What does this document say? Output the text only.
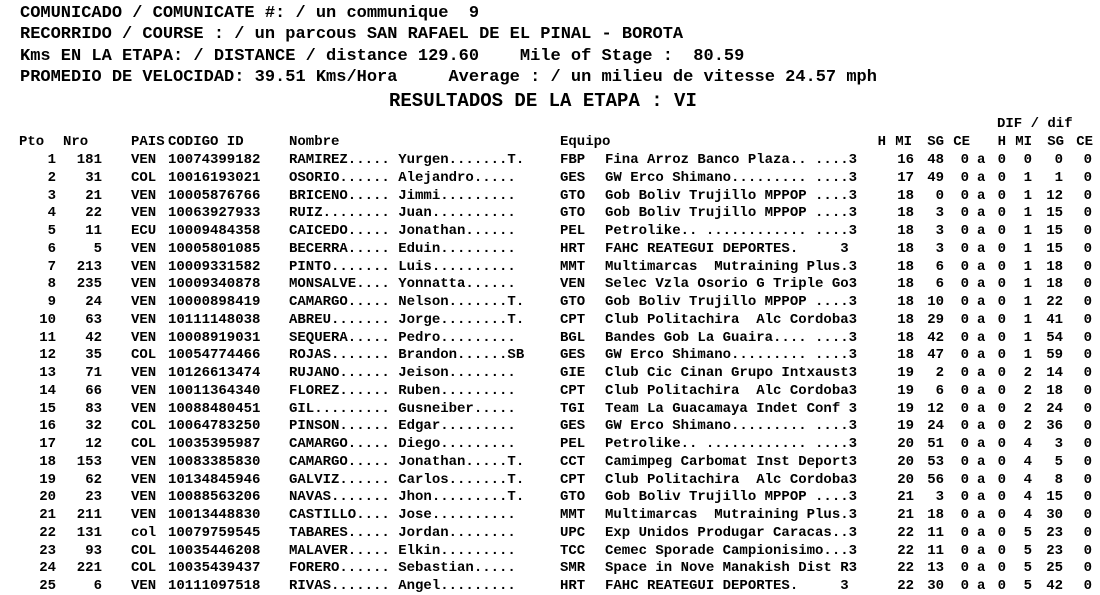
COMUNICADO / COMUNICATE #: / un communique  9
RECORRIDO / COURSE : / un parcous SAN RAFAEL DE EL PINAL - BOROTA
Kms EN LA ETAPA: / DISTANCE / distance 129.60    Mile of Stage :  80.59
PROMEDIO DE VELOCIDAD: 39.51 Kms/Hora     Average : / un milieu de vitesse 24.57 mph
RESULTADOS DE LA ETAPA : VI
DIF / dif
Pto Nro	PAIS CODIGO ID	Nombre	Equipo	H MI SG CE H MI SG CE
1 181 VEN 10074399182 RAMIREZ..... Yurgen.......T.	FBP Fina Arroz Banco Plaza.. ....3	16 48 0 a 0 0 0 0
2 31 COL 10016193021 OSORIO...... Alejandro.....	GES GW Erco Shimano......... ....3	17 49 0 a 0 1 1 0
3 21 VEN 10005876766 BRICENO..... Jimmi.........	GTO Gob Boliv Trujillo MPPOP ....3	18 0 0 a 0 1 12 0
4 22 VEN 10063927933 RUIZ........ Juan..........	GTO Gob Boliv Trujillo MPPOP ....3	18 3 0 a 0 1 15 0
5 11 ECU 10009484358 CAICEDO..... Jonathan......	PEL Petrolike.. ............ ....3	18 3 0 a 0 1 15 0
6	5 VEN 10005801085 BECERRA..... Eduin.........	HRT FAHC REATEGUI DEPORTES.     3	18 3 0 a 0 1 15 0
7 213 VEN 10009331582 PINTO....... Luis..........	MMT Multimarcas  Mutraining Plus.3	18 6 0 a 0 1 18 0
8 235 VEN 10009340878 MONSALVE.... Yonnatta......	VEN Selec Vzla Osorio G Triple Go3	18 6 0 a 0 1 18 0
9 24 VEN 10000898419 CAMARGO..... Nelson.......T.	GTO Gob Boliv Trujillo MPPOP ....3	18 10 0 a 0 1 22 0
10 63 VEN 10111148038 ABREU....... Jorge........T.	CPT Club Politachira  Alc Cordoba3	18 29 0 a 0 1 41 0
11 42 VEN 10008919031 SEQUERA..... Pedro.........	BGL Bandes Gob La Guaira.... ....3	18 42 0 a 0 1 54 0
12 35 COL 10054774466 ROJAS....... Brandon......SB	GES GW Erco Shimano......... ....3	18 47 0 a 0 1 59 0
13 71 VEN 10126613474 RUJANO...... Jeison........	GIE Club Cic Cinan Grupo Intxaust3	19 2 0 a 0 2 14 0
14 66 VEN 10011364340 FLOREZ...... Ruben.........	CPT Club Politachira  Alc Cordoba3	19 6 0 a 0 2 18 0
15 83 VEN 10088480451 GIL......... Gusneiber.....	TGI Team La Guacamaya Indet Conf 3	19 12 0 a 0 2 24 0
16 32 COL 10064783250 PINSON...... Edgar.........	GES GW Erco Shimano......... ....3	19 24 0 a 0 2 36 0
17 12 COL 10035395987 CAMARGO..... Diego.........	PEL Petrolike.. ............ ....3	20 51 0 a 0 4 3 0
18 153 VEN 10083385830 CAMARGO..... Jonathan.....T.	CCT Camimpeg Carbomat Inst Deport3	20 53 0 a 0 4 5 0
19 62 VEN 10134845946 GALVIZ...... Carlos.......T.	CPT Club Politachira  Alc Cordoba3	20 56 0 a 0 4 8 0
20 23 VEN 10088563206 NAVAS....... Jhon.........T.	GTO Gob Boliv Trujillo MPPOP ....3	21 3 0 a 0 4 15 0
21 211 VEN 10013448830 CASTILLO.... Jose..........	MMT Multimarcas  Mutraining Plus.3	21 18 0 a 0 4 30 0
22 131 col 10079759545 TABARES..... Jordan........	UPC Exp Unidos Produgar Caracas..3	22 11 0 a 0 5 23 0
23 93 COL 10035446208 MALAVER..... Elkin.........	TCC Cemec Sporade Campionisimo...3	22 11 0 a 0 5 23 0
24 221 COL 10035439437 FORERO...... Sebastian.....	SMR Space in Nove Manakish Dist R3	22 13 0 a 0 5 25 0
25	6 VEN 10111097518 RIVAS....... Angel.........	HRT FAHC REATEGUI DEPORTES.     3	22 30 0 a 0 5 42 0
